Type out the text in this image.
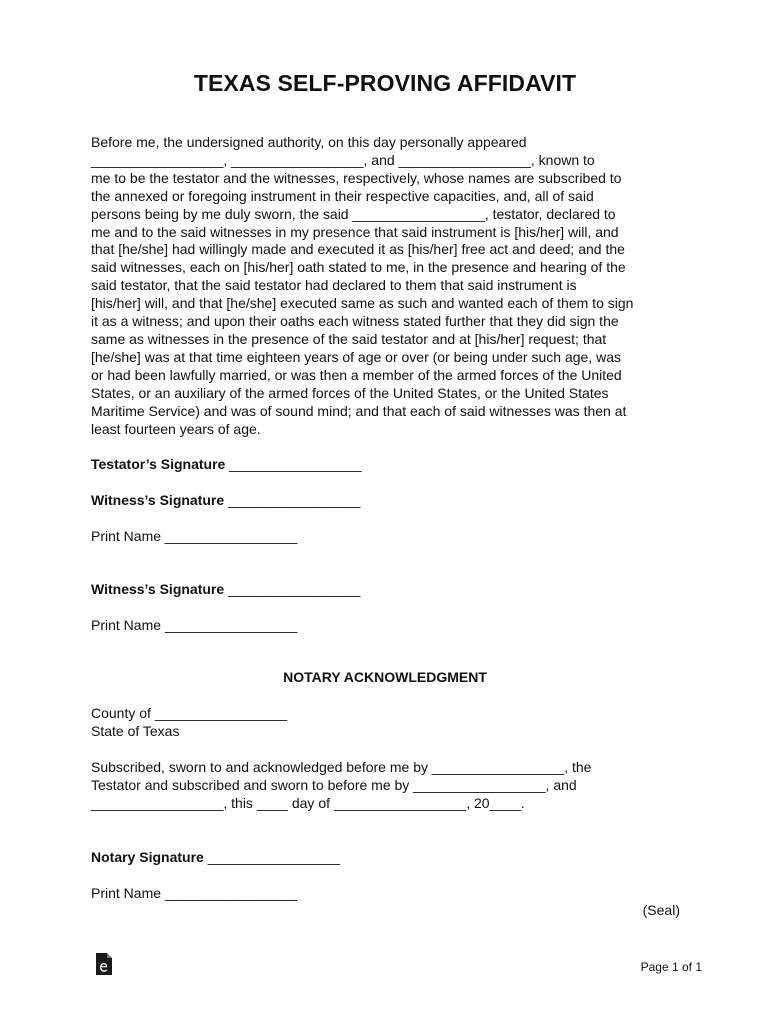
TEXAS SELF-PROVING AFFIDAVIT

Before me, the undersigned authority, on this day personally appeared
_________________, _________________, and _________________, known to
me to be the testator and the witnesses, respectively, whose names are subscribed to
the annexed or foregoing instrument in their respective capacities, and, all of said
persons being by me duly sworn, the said _________________, testator, declared to
me and to the said witnesses in my presence that said instrument is [his/her] will, and
that [he/she] had willingly made and executed it as [his/her] free act and deed; and the
said witnesses, each on [his/her] oath stated to me, in the presence and hearing of the
said testator, that the said testator had declared to them that said instrument is
[his/her] will, and that [he/she] executed same as such and wanted each of them to sign
it as a witness; and upon their oaths each witness stated further that they did sign the
same as witnesses in the presence of the said testator and at [his/her] request; that
[he/she] was at that time eighteen years of age or over (or being under such age, was
or had been lawfully married, or was then a member of the armed forces of the United
States, or an auxiliary of the armed forces of the United States, or the United States
Maritime Service) and was of sound mind; and that each of said witnesses was then at
least fourteen years of age.

Testator’s Signature _________________

Witness’s Signature _________________

Print Name _________________

Witness’s Signature _________________

Print Name _________________

NOTARY ACKNOWLEDGMENT

County of _________________
State of Texas

Subscribed, sworn to and acknowledged before me by _________________, the
Testator and subscribed and sworn to before me by _________________, and
_________________, this ____ day of _________________, 20____.

Notary Signature _________________

Print Name _________________

(Seal)

Page 1 of 1
